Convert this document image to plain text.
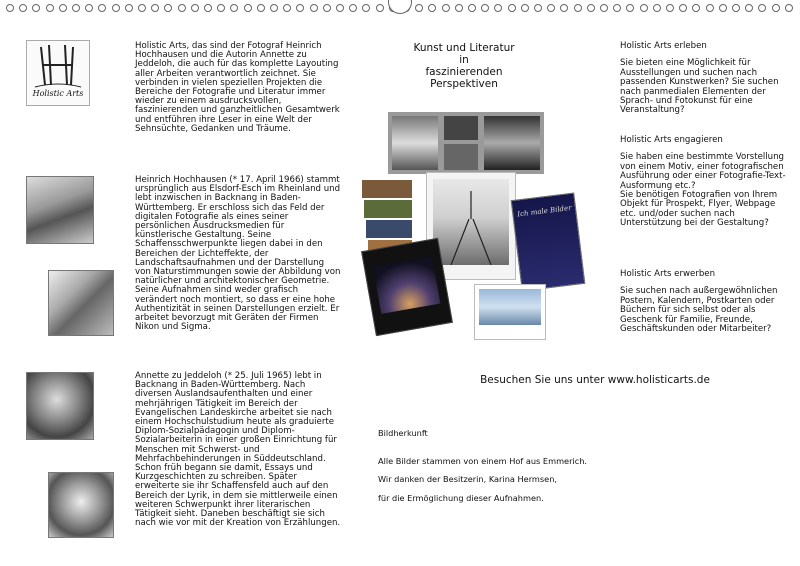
Holistic Arts
Holistic Arts, das sind der Fotograf Heinrich Hochhausen und die Autorin Annette zu Jeddeloh, die auch für das komplette Layouting aller Arbeiten verantwortlich zeichnet. Sie verbinden in vielen speziellen Projekten die Bereiche der Fotografie und Literatur immer wieder zu einem ausdrucksvollen, faszinierenden und ganzheitlichen Gesamtwerk und entführen ihre Leser in eine Welt der Sehnsüchte, Gedanken und Träume.
Heinrich Hochhausen (* 17. April 1966) stammt ursprünglich aus Elsdorf-Esch im Rheinland und lebt inzwischen in Backnang in Baden-Württemberg. Er erschloss sich das Feld der digitalen Fotografie als eines seiner persönlichen Ausdrucksmedien für künstlerische Gestaltung. Seine Schaffensschwerpunkte liegen dabei in den Bereichen der Lichteffekte, der Landschaftsaufnahmen und der Darstellung von Naturstimmungen sowie der Abbildung von natürlicher und architektonischer Geometrie. Seine Aufnahmen sind weder grafisch verändert noch montiert, so dass er eine hohe Authentizität in seinen Darstellungen erzielt. Er arbeitet bevorzugt mit Geräten der Firmen Nikon und Sigma.
Annette zu Jeddeloh (* 25. Juli 1965) lebt in Backnang in Baden-Württemberg. Nach diversen Auslandsaufenthalten und einer mehrjährigen Tätigkeit im Bereich der Evangelischen Landeskirche arbeitet sie nach einem Hochschulstudium heute als graduierte Diplom-Sozialpädagogin und Diplom-Sozialarbeiterin in einer großen Einrichtung für Menschen mit Schwerst- und Mehrfachbehinderungen in Süddeutschland. Schon früh begann sie damit, Essays und Kurzgeschichten zu schreiben. Später erweiterte sie ihr Schaffensfeld auch auf den Bereich der Lyrik, in dem sie mittlerweile einen weiteren Schwerpunkt ihrer literarischen Tätigkeit sieht. Daneben beschäftigt sie sich nach wie vor mit der Kreation von Erzählungen.
Kunst und Literatur
in
faszinierenden
Perspektiven
Ich male Bilder

Holistic Arts erleben

Sie bieten eine Möglichkeit für Ausstellungen und suchen nach passenden Kunstwerken? Sie suchen nach panmedialen Elementen der Sprach- und Fotokunst für eine Veranstaltung?

Holistic Arts engagieren

Sie haben eine bestimmte Vorstellung von einem Motiv, einer fotografischen Ausführung oder einer Fotografie-Text-Ausformung etc.?

Sie benötigen Fotografien von Ihrem Objekt für Prospekt, Flyer, Webpage etc. und/oder suchen nach Unterstützung bei der Gestaltung?

Holistic Arts erwerben

Sie suchen nach außergewöhnlichen Postern, Kalendern, Postkarten oder Büchern für sich selbst oder als Geschenk für Familie, Freunde, Geschäftskunden oder Mitarbeiter?

Besuchen Sie uns unter www.holisticarts.de
Bildherkunft
Alle Bilder stammen von einem Hof aus Emmerich.
Wir danken der Besitzerin, Karina Hermsen,
für die Ermöglichung dieser Aufnahmen.
